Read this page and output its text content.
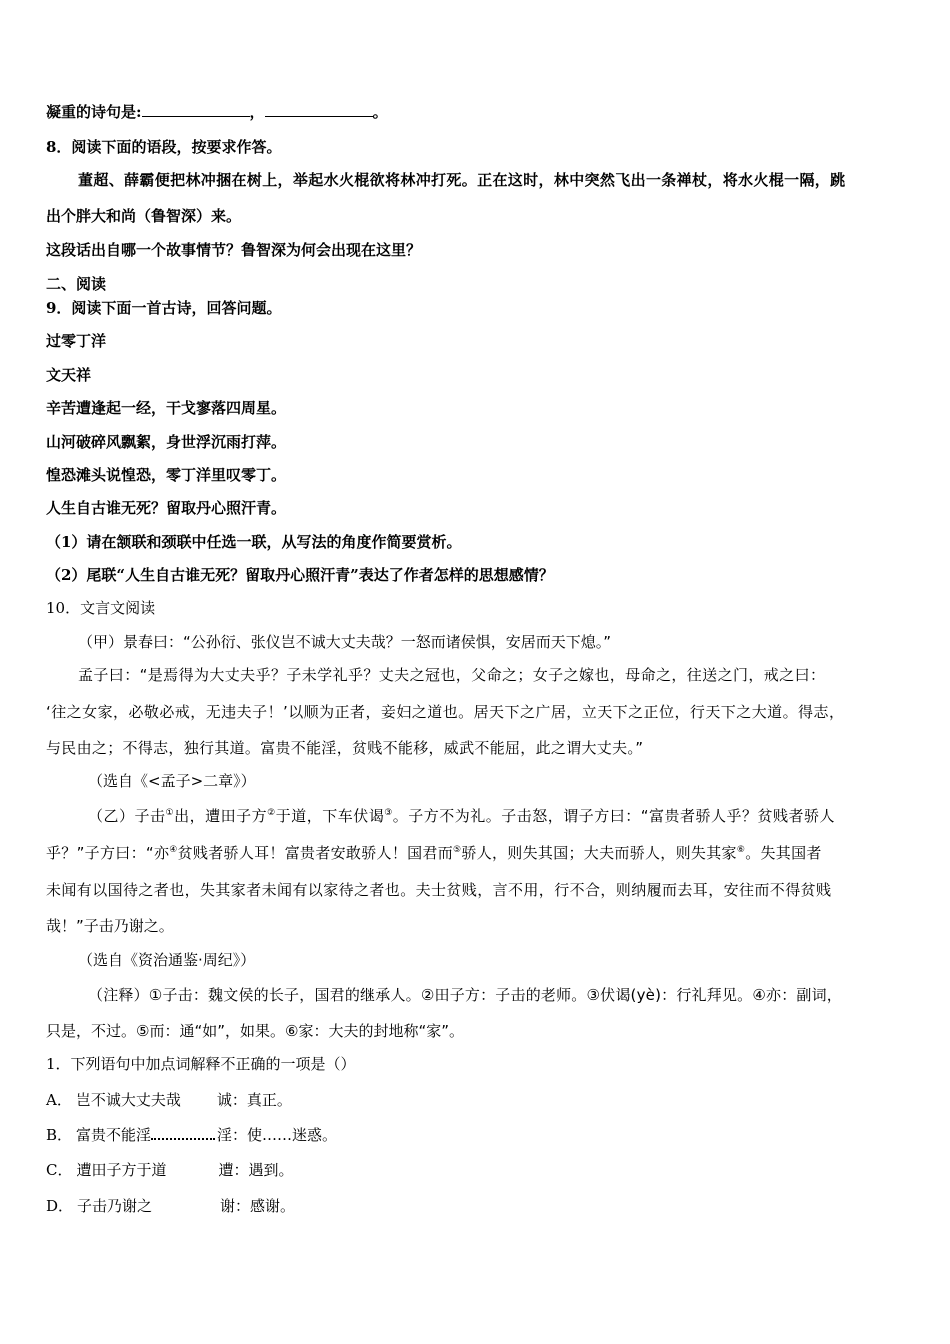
凝重的诗句是:	，	。
8．阅读下面的语段，按要求作答。
董超、薛霸便把林冲捆在树上，举起水火棍欲将林冲打死。正在这时，林中突然飞出一条禅杖，将水火棍一隔，跳
出个胖大和尚（鲁智深）来。
这段话出自哪一个故事情节？鲁智深为何会出现在这里？
二、阅读
9．阅读下面一首古诗，回答问题。
过零丁洋
文天祥
辛苦遭逢起一经，干戈寥落四周星。
山河破碎风飘絮，身世浮沉雨打萍。
惶恐滩头说惶恐，零丁洋里叹零丁。
人生自古谁无死？留取丹心照汗青。
（1）请在颔联和颈联中任选一联，从写法的角度作简要赏析。
（2）尾联“人生自古谁无死？留取丹心照汗青”表达了作者怎样的思想感情？
10．文言文阅读
（甲）景春曰：“公孙衍、张仪岂不诚大丈夫哉？一怒而诸侯惧，安居而天下熄。”
孟子曰：“是焉得为大丈夫乎？子未学礼乎？丈夫之冠也，父命之；女子之嫁也，母命之，往送之门，戒之曰：
‘往之女家，必敬必戒，无违夫子！’以顺为正者，妾妇之道也。居天下之广居，立天下之正位，行天下之大道。得志，
与民由之；不得志，独行其道。富贵不能淫，贫贱不能移，威武不能屈，此之谓大丈夫。”
（选自《<孟子>二章》）
（乙）子击①出，遭田子方②于道，下车伏谒③。子方不为礼。子击怒，谓子方曰：“富贵者骄人乎？贫贱者骄人
乎？”子方曰：“亦④贫贱者骄人耳！富贵者安敢骄人！国君而⑤骄人，则失其国；大夫而骄人，则失其家⑥。失其国者
未闻有以国待之者也，失其家者未闻有以家待之者也。夫士贫贱，言不用，行不合，则纳履而去耳，安往而不得贫贱
哉！”子击乃谢之。
（选自《资治通鉴·周纪》）
（注释）①子击：魏文侯的长子，国君的继承人。②田子方：子击的老师。③伏谒(yè)：行礼拜见。④亦：副词，
只是，不过。⑤而：通“如”，如果。⑥家：大夫的封地称“家”。
1．下列语句中加点词解释不正确的一项是（）
A． 岂不诚大丈夫哉 诚：真正。
B． 富贵不能淫	淫：使……迷惑。
C． 遭田子方于道	遭：遇到。
D． 子击乃谢之	谢：感谢。
